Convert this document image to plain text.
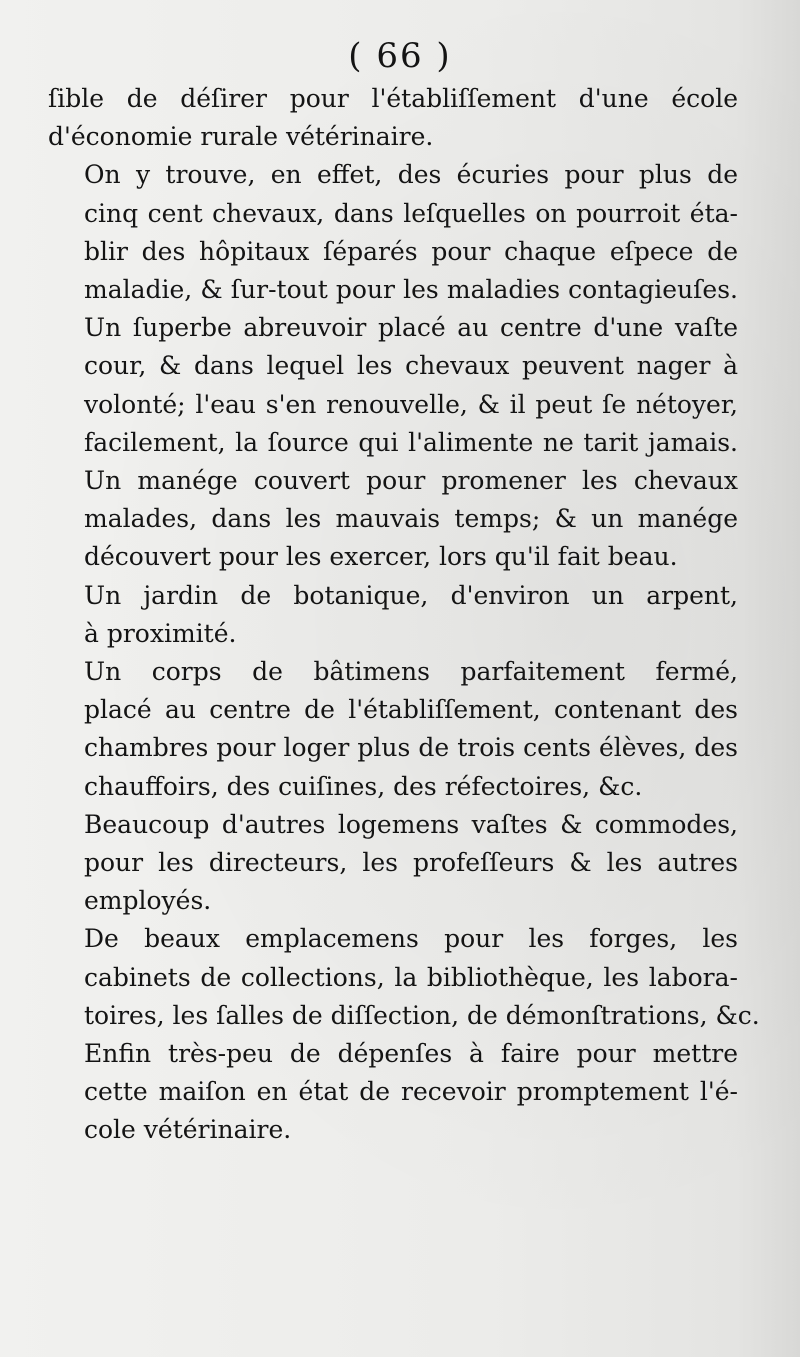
( 66 )

ſible de déſirer pour l'établiſſement d'une école
d'économie rurale vétérinaire.

On y trouve, en effet, des écuries pour plus de
cinq cent chevaux, dans leſquelles on pourroit éta-
blir des hôpitaux ſéparés pour chaque eſpece de
maladie, & ſur-tout pour les maladies contagieuſes.

Un ſuperbe abreuvoir placé au centre d'une vaſte
cour, & dans lequel les chevaux peuvent nager à
volonté; l'eau s'en renouvelle, & il peut ſe nétoyer,
facilement, la ſource qui l'alimente ne tarit jamais.

Un manége couvert pour promener les chevaux
malades, dans les mauvais temps; & un manége
découvert pour les exercer, lors qu'il fait beau.

Un jardin de botanique, d'environ un arpent,
à proximité.

Un corps de bâtimens parfaitement fermé,
placé au centre de l'établiſſement, contenant des
chambres pour loger plus de trois cents élèves, des
chauffoirs, des cuiſines, des réfectoires, &c.

Beaucoup d'autres logemens vaſtes & commodes,
pour les directeurs, les profeſſeurs & les autres
employés.

De beaux emplacemens pour les forges, les
cabinets de collections, la bibliothèque, les labora-
toires, les ſalles de diſſection, de démonſtrations, &c.

Enfin très-peu de dépenſes à faire pour mettre
cette maiſon en état de recevoir promptement l'é-
cole vétérinaire.
